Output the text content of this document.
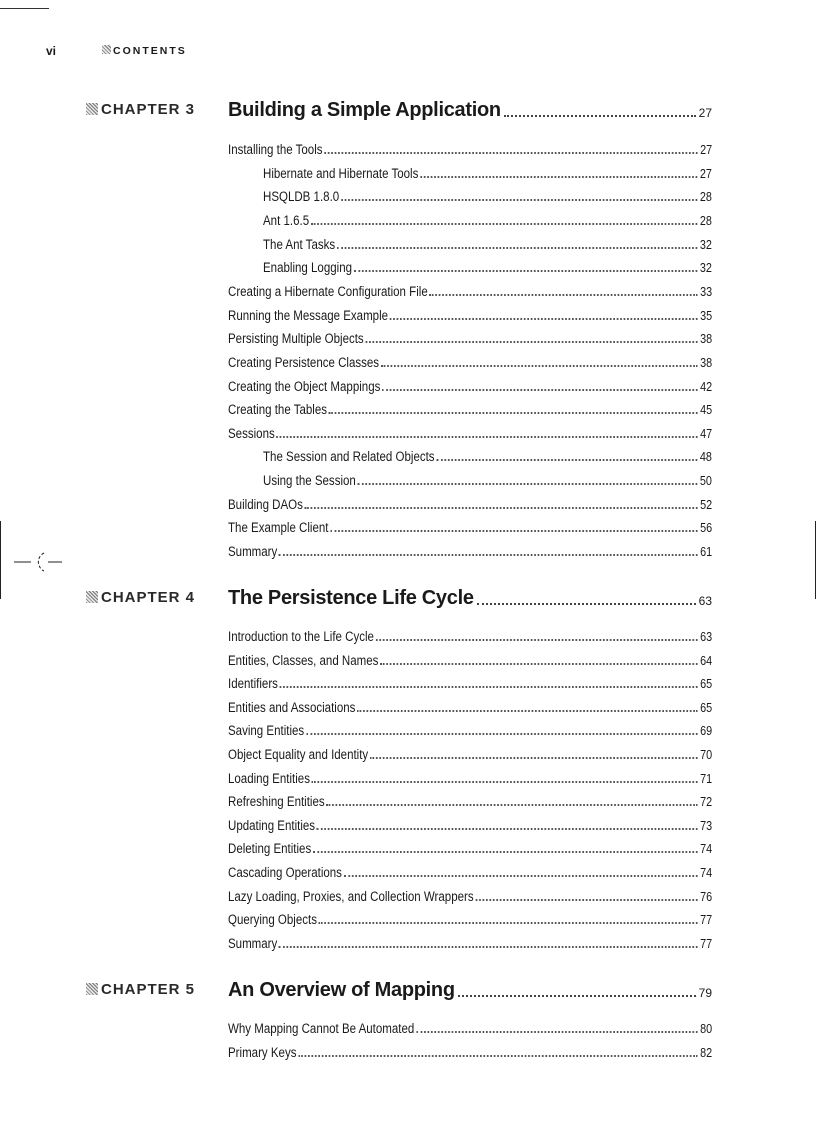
vi	CONTENTS
CHAPTER 3 Building a Simple Application	27
Installing the Tools	27
Hibernate and Hibernate Tools	27
HSQLDB 1.8.0	28
Ant 1.6.5	28
The Ant Tasks	32
Enabling Logging	32
Creating a Hibernate Configuration File	33
Running the Message Example	35
Persisting Multiple Objects	38
Creating Persistence Classes	38
Creating the Object Mappings	42
Creating the Tables	45
Sessions	47
The Session and Related Objects	48
Using the Session	50
Building DAOs	52
The Example Client	56
Summary	61
CHAPTER 4 The Persistence Life Cycle	63
Introduction to the Life Cycle	63
Entities, Classes, and Names	64
Identifiers	65
Entities and Associations	65
Saving Entities	69
Object Equality and Identity	70
Loading Entities	71
Refreshing Entities	72
Updating Entities	73
Deleting Entities	74
Cascading Operations	74
Lazy Loading, Proxies, and Collection Wrappers	76
Querying Objects	77
Summary	77
CHAPTER 5 An Overview of Mapping	79
Why Mapping Cannot Be Automated	80
Primary Keys	82
